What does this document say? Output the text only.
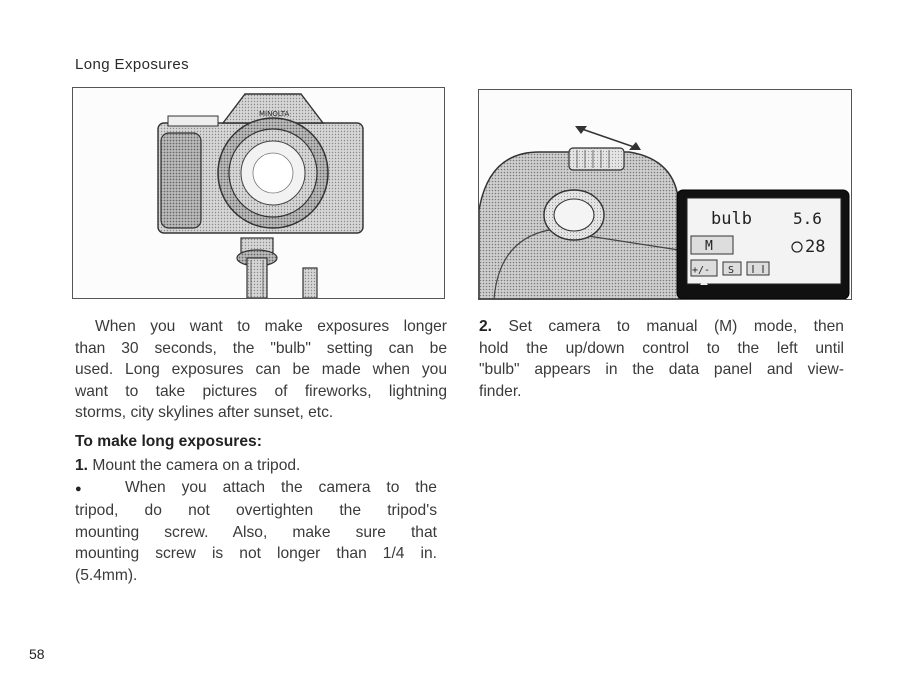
Long Exposures
MINOLTA
bulb	5.6
M	28
+/- S

When you want to make exposures longer

than 30 seconds, the "bulb" setting can be

used. Long exposures can be made when you

want to take pictures of fireworks, lightning

storms, city skylines after sunset, etc.

To make long exposures:

1. Mount the camera on a tripod.

● When you attach the camera to the

tripod, do not overtighten the tripod's

mounting screw. Also, make sure that

mounting screw is not longer than 1/4 in.

(5.4mm).

2. Set camera to manual (M) mode, then

hold the up/down control to the left until

"bulb" appears in the data panel and view-

finder.

58
